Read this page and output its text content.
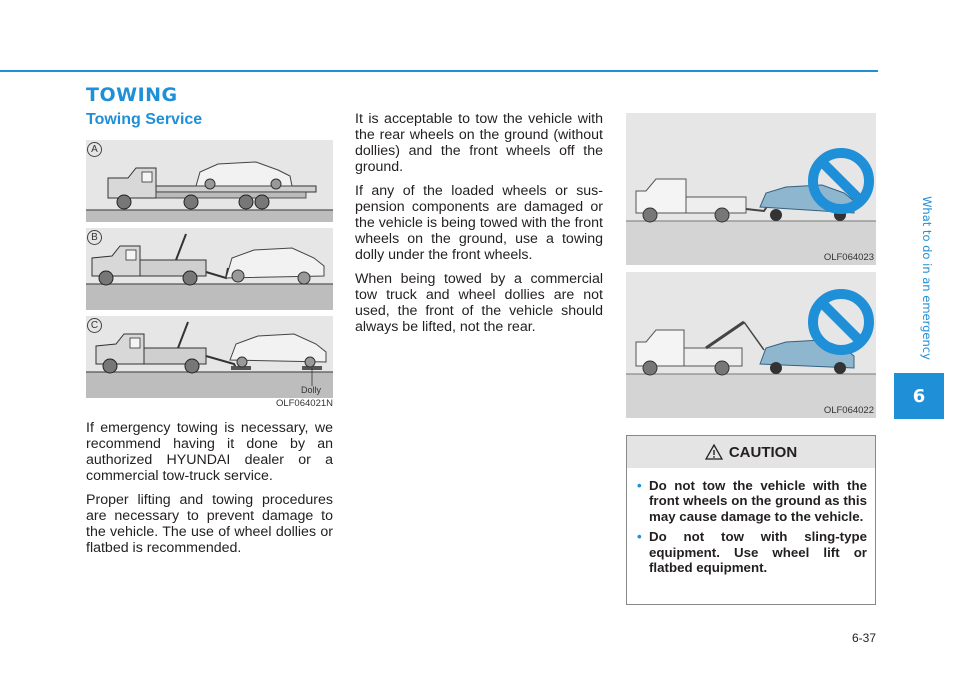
TOWING
Towing Service
A
B
C
Dolly
OLF064021N

If emergency towing is necessary, we recommend having it done by an authorized HYUNDAI dealer or a commercial tow-truck service.

Proper lifting and towing procedures are necessary to prevent damage to the vehicle. The use of wheel dollies or flatbed is recommended.

It is acceptable to tow the vehicle with the rear wheels on the ground (without dollies) and the front wheels off the ground.

If any of the loaded wheels or sus-pension components are damaged or the vehicle is being towed with the front wheels on the ground, use a towing dolly under the front wheels.

When being towed by a commercial tow truck and wheel dollies are not used, the front of the vehicle should always be lifted, not the rear.

OLF064023
OLF064022
CAUTION
• Do not tow the vehicle with the front wheels on the ground as this may cause damage to the vehicle.
• Do not tow with sling-type equipment. Use wheel lift or flatbed equipment.
What to do in an emergency
6
6-37
